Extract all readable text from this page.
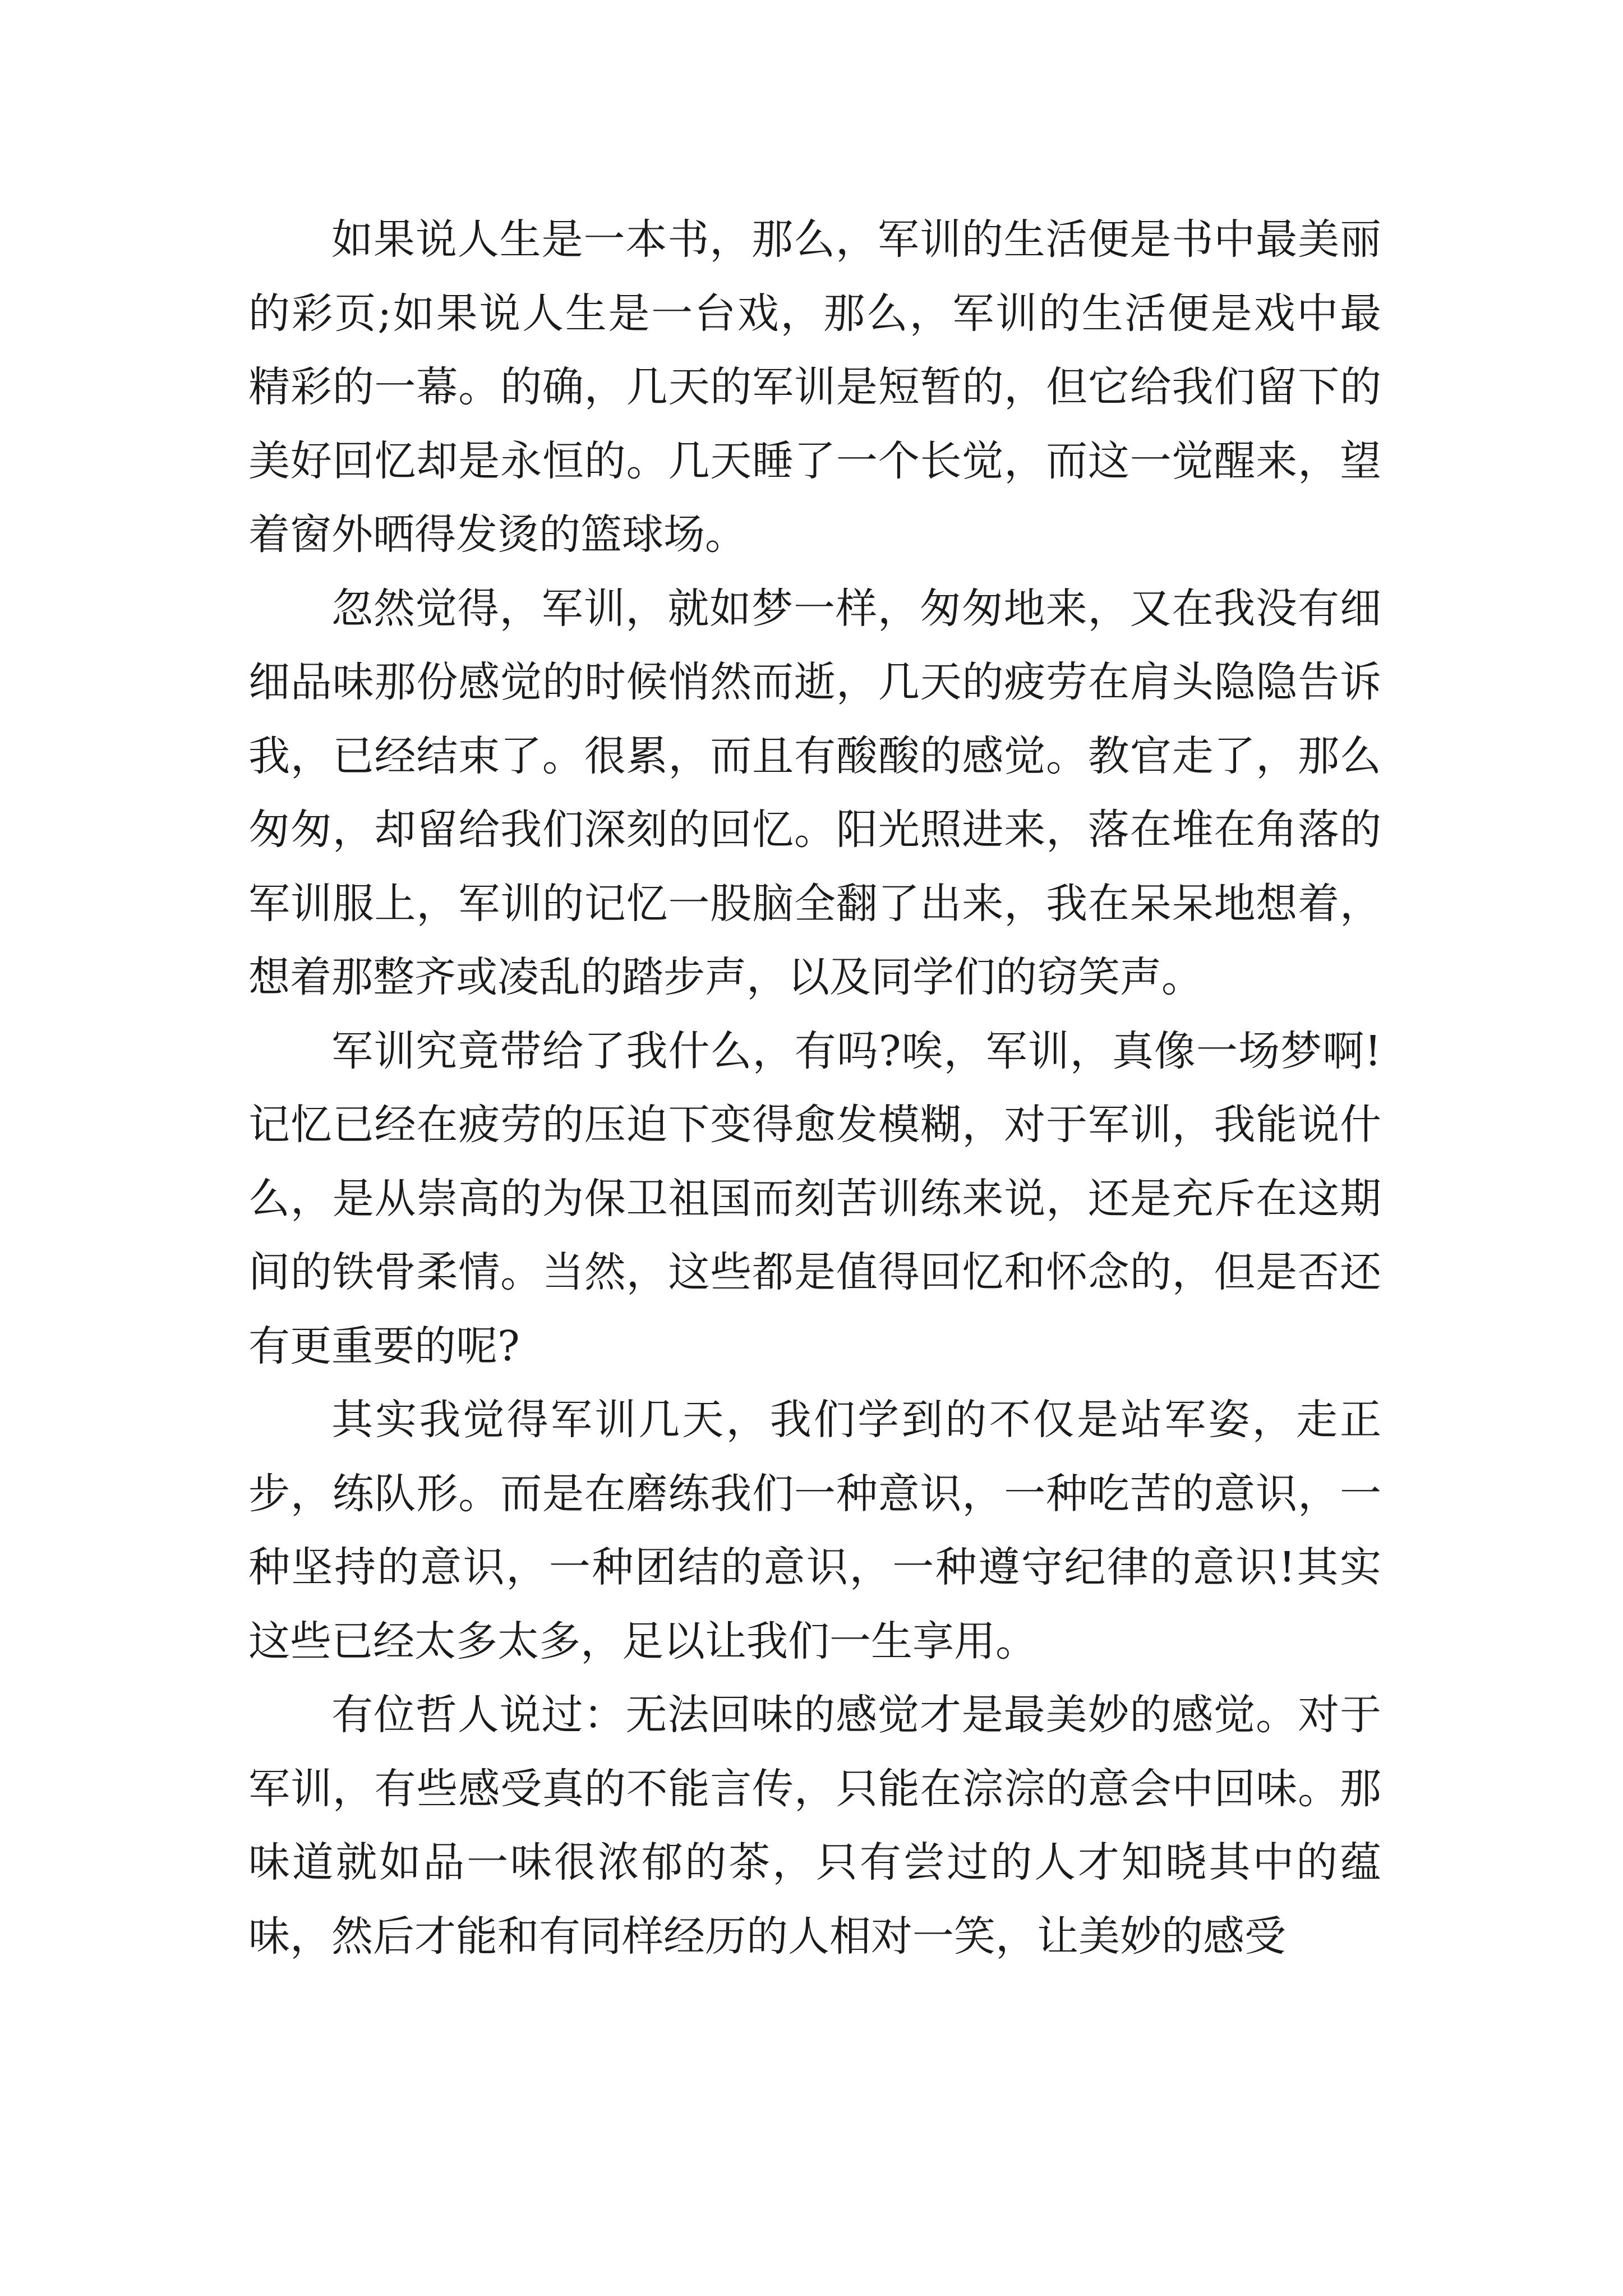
如果说人生是一本书，那么，军训的生活便是书中最美丽的彩页;如果说人生是一台戏，那么，军训的生活便是戏中最精彩的一幕。的确，几天的军训是短暂的，但它给我们留下的美好回忆却是永恒的。几天睡了一个长觉，而这一觉醒来，望着窗外晒得发烫的篮球场。

忽然觉得，军训，就如梦一样，匆匆地来，又在我没有细细品味那份感觉的时候悄然而逝，几天的疲劳在肩头隐隐告诉我，已经结束了。很累，而且有酸酸的感觉。教官走了，那么匆匆，却留给我们深刻的回忆。阳光照进来，落在堆在角落的军训服上，军训的记忆一股脑全翻了出来，我在呆呆地想着，想着那整齐或凌乱的踏步声，以及同学们的窃笑声。

军训究竟带给了我什么，有吗?唉，军训，真像一场梦啊!记忆已经在疲劳的压迫下变得愈发模糊，对于军训，我能说什么，是从崇高的为保卫祖国而刻苦训练来说，还是充斥在这期间的铁骨柔情。当然，这些都是值得回忆和怀念的，但是否还有更重要的呢?

其实我觉得军训几天，我们学到的不仅是站军姿，走正步，练队形。而是在磨练我们一种意识，一种吃苦的意识，一种坚持的意识，一种团结的意识，一种遵守纪律的意识!其实这些已经太多太多，足以让我们一生享用。

有位哲人说过：无法回味的感觉才是最美妙的感觉。对于军训，有些感受真的不能言传，只能在淙淙的意会中回味。那味道就如品一味很浓郁的茶，只有尝过的人才知晓其中的蕴味，然后才能和有同样经历的人相对一笑，让美妙的感受
